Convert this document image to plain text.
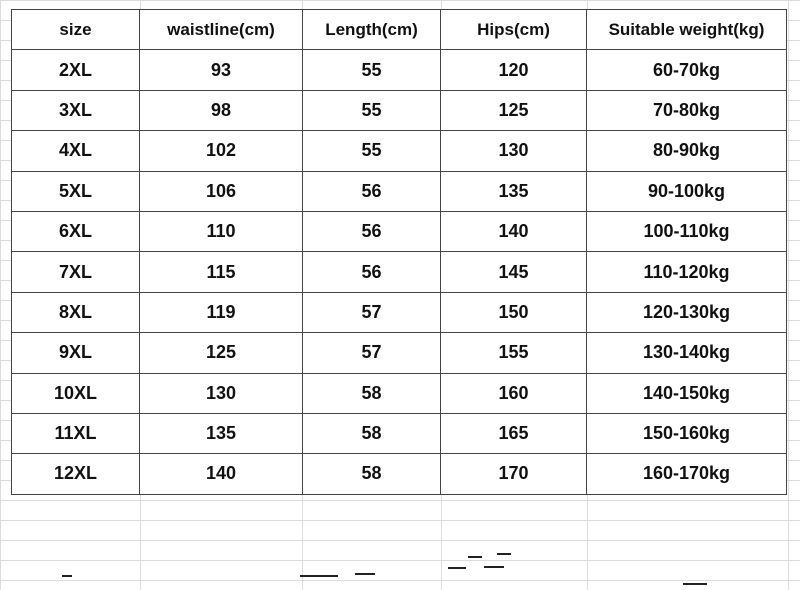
size	waistline(cm)	Length(cm)	Hips(cm)	Suitable weight(kg)
2XL	93	55	120	60-70kg
3XL	98	55	125	70-80kg
4XL	102	55	130	80-90kg
5XL	106	56	135	90-100kg
6XL	110	56	140	100-110kg
7XL	115	56	145	110-120kg
8XL	119	57	150	120-130kg
9XL	125	57	155	130-140kg
10XL	130	58	160	140-150kg
11XL	135	58	165	150-160kg
12XL	140	58	170	160-170kg
